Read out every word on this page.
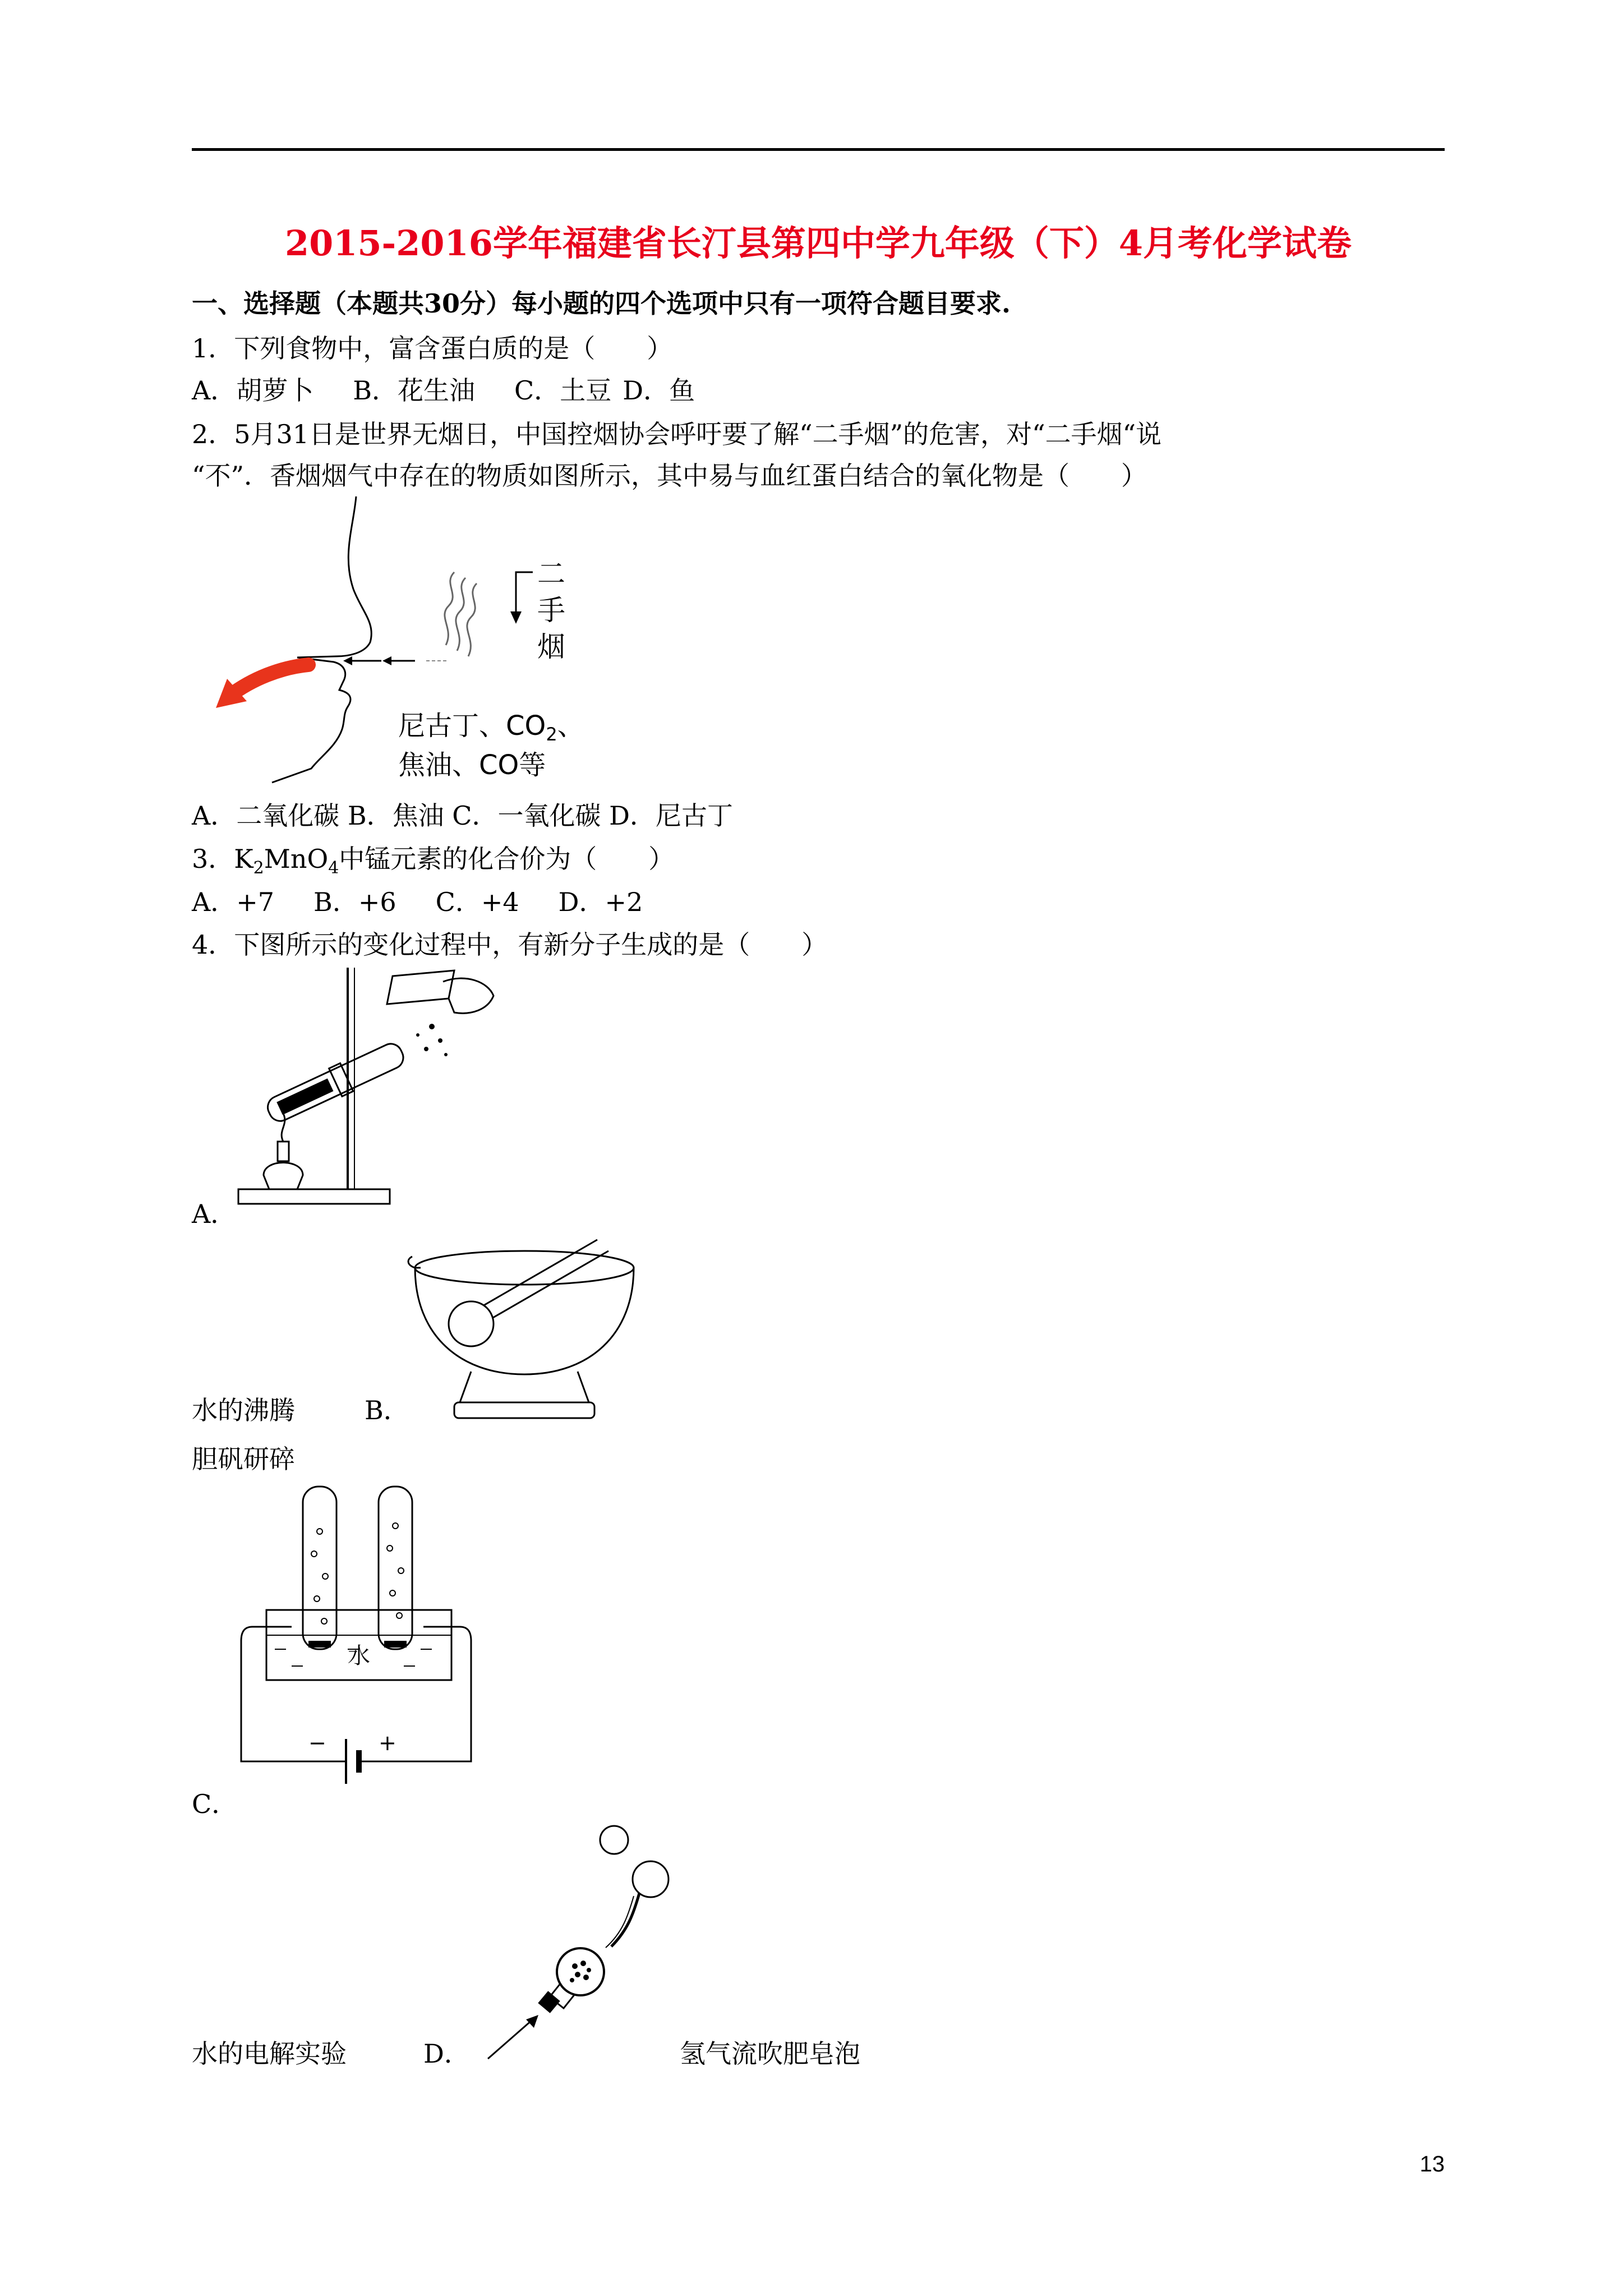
2015-2016学年福建省长汀县第四中学九年级（下）4月考化学试卷
一、选择题（本题共30分）每小题的四个选项中只有一项符合题目要求.
1．下列食物中，富含蛋白质的是（　　）
A．胡萝卜 B．花生油 C．土豆 D．鱼
2．5月31日是世界无烟日，中国控烟协会呼吁要了解“二手烟”的危害，对“二手烟“说
“不”．香烟烟气中存在的物质如图所示，其中易与血红蛋白结合的氧化物是（　　）
二
手
烟
尼古丁、$CO_2$、
焦油、CO等
A．二氧化碳 B．焦油 C．一氧化碳 D．尼古丁
3．$K_2MnO_4$中锰元素的化合价为（　　）
A．+7 B．+6 C．+4 D．+2
4．下图所示的变化过程中，有新分子生成的是（　　）
A．
水的沸腾	B．
胆矾研碎
水
− +
C．
水的电解实验	D．	氢气流吹肥皂泡
13
